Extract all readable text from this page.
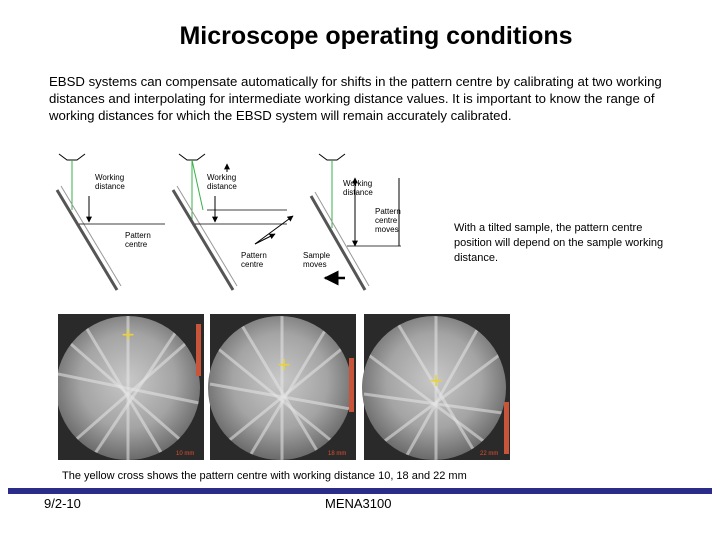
Microscope operating conditions
EBSD systems can compensate automatically for shifts in the pattern centre by calibrating at two working distances and interpolating for intermediate working distance values. It is important to know the range of working distances for which the EBSD system will remain accurately calibrated.
Working distance
Pattern centre
Working distance
Pattern centre
Working distance
Pattern centre moves
Sample moves
With a tilted sample, the pattern centre position will depend on the sample working distance.
+
10 mm
+
18 mm
+
22 mm
The yellow cross shows the pattern centre with working distance 10, 18 and 22 mm
9/2-10	MENA3100
